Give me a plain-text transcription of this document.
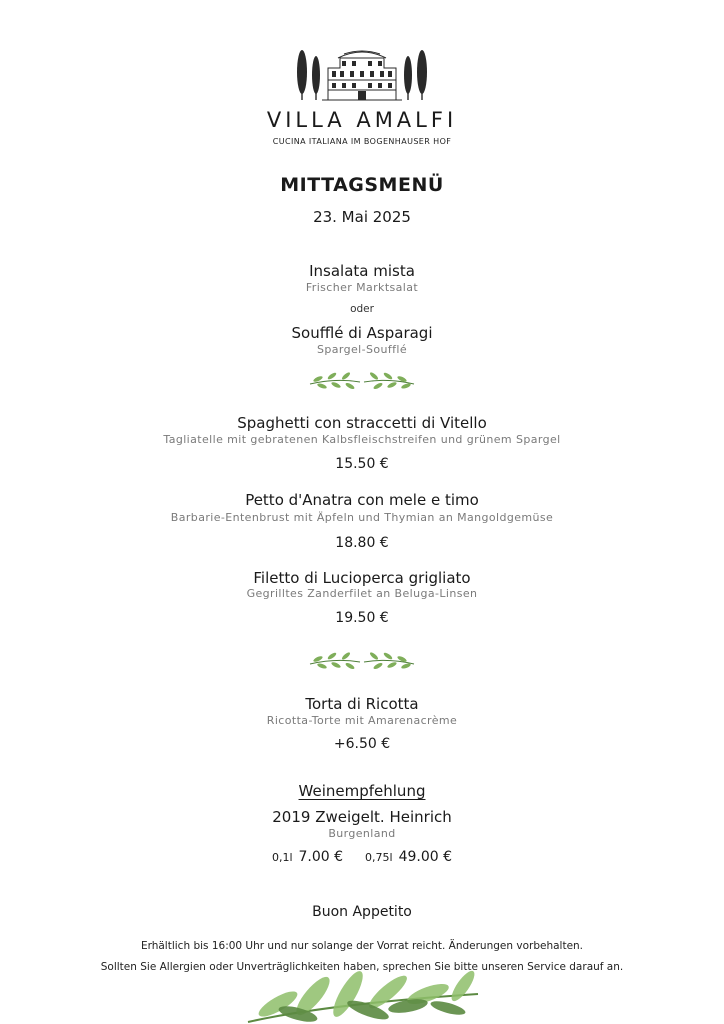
VILLA AMALFI
CUCINA ITALIANA IM BOGENHAUSER HOF
MITTAGSMENÜ
23. Mai 2025
Insalata mista
Frischer Marktsalat
oder
Soufflé di Asparagi
Spargel-Soufflé
Spaghetti con straccetti di Vitello
Tagliatelle mit gebratenen Kalbsfleischstreifen und grünem Spargel
15.50 €
Petto d'Anatra con mele e timo
Barbarie-Entenbrust mit Äpfeln und Thymian an Mangoldgemüse
18.80 €
Filetto di Lucioperca grigliato
Gegrilltes Zanderfilet an Beluga-Linsen
19.50 €
Torta di Ricotta
Ricotta-Torte mit Amarenacrème
+6.50 €
Weinempfehlung
2019 Zweigelt. Heinrich
Burgenland
0,1l 7.00 € 0,75l 49.00 €
Buon Appetito
Erhältlich bis 16:00 Uhr und nur solange der Vorrat reicht. Änderungen vorbehalten.
Sollten Sie Allergien oder Unverträglichkeiten haben, sprechen Sie bitte unseren Service darauf an.
